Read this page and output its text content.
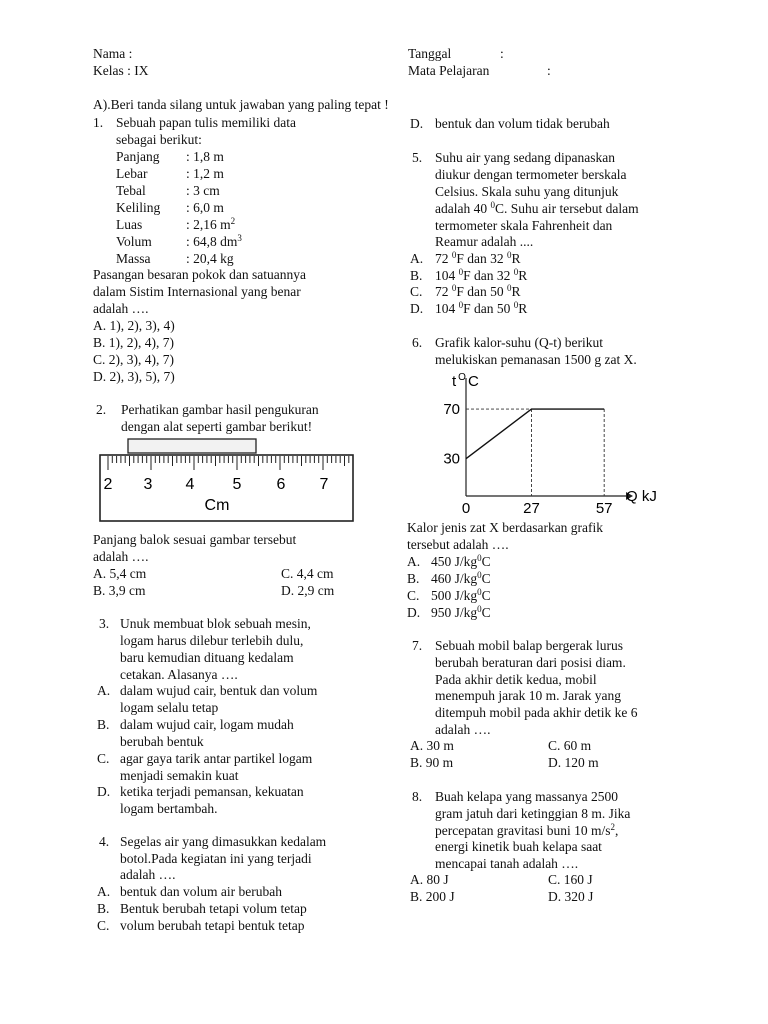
Nama :
Kelas : IX
Tanggal	:
Mata Pelajaran	:
A).Beri tanda silang untuk jawaban yang paling tepat !
1. Sebuah papan tulis memiliki data
sebagai berikut:
Panjang : 1,8 m
Lebar	: 1,2 m
Tebal	: 3 cm
Keliling : 6,0 m
Luas	: 2,16 $m^2$
Volum	: 64,8 $dm^3$
Massa	: 20,4 kg
Pasangan besaran pokok dan satuannya
dalam Sistim Internasional yang benar
adalah ….
A. 1), 2), 3), 4)
B. 1), 2), 4), 7)
C. 2), 3), 4), 7)
D. 2), 3), 5), 7)
2. Perhatikan gambar hasil pengukuran
dengan alat seperti gambar berikut!
2 3 4 5 6 7
Cm
Panjang balok sesuai gambar tersebut
adalah ….
A. 5,4 cm	C. 4,4 cm
B. 3,9 cm	D. 2,9 cm
3. Unuk membuat blok sebuah mesin,
logam harus dilebur terlebih dulu,
baru kemudian dituang kedalam
cetakan. Alasanya ….
A. dalam wujud cair, bentuk dan volum
logam selalu tetap
B. dalam wujud cair, logam mudah
berubah bentuk
C. agar gaya tarik antar partikel logam
menjadi semakin kuat
D. ketika terjadi pemansan, kekuatan
logam bertambah.
4. Segelas air yang dimasukkan kedalam
botol.Pada kegiatan ini yang terjadi
adalah ….
A. bentuk dan volum air berubah
B. Bentuk berubah tetapi volum tetap
C. volum berubah tetapi bentuk tetap
D. bentuk dan volum tidak berubah
5. Suhu air yang sedang dipanaskan
diukur dengan termometer berskala
Celsius. Skala suhu yang ditunjuk
adalah 40 $^0$C. Suhu air tersebut dalam
termometer skala Fahrenheit dan
Reamur adalah ....
A. 72 $^0$F dan 32 $^0$R
B. 104 $^0$F dan 32 $^0$R
C. 72 $^0$F dan 50 $^0$R
D. 104 $^0$F dan 50 $^0$R
6. Grafik kalor-suhu (Q-t) berikut
melukiskan pemanasan 1500 g zat X.
0	27	57
30
70
t $^O$ C
Q kJ
Kalor jenis zat X berdasarkan grafik
tersebut adalah ….
A. 450 $J/kg^0C$
B. 460 $J/kg^0C$
C. 500 $J/kg^0C$
D. 950 $J/kg^0C$
7. Sebuah mobil balap bergerak lurus
berubah beraturan dari posisi diam.
Pada akhir detik kedua, mobil
menempuh jarak 10 m. Jarak yang
ditempuh mobil pada akhir detik ke 6
adalah ….
A. 30 m	C. 60 m
B. 90 m	D. 120 m
8. Buah kelapa yang massanya 2500
gram jatuh dari ketinggian 8 m. Jika
percepatan gravitasi buni 10 $m/s^2$,
energi kinetik buah kelapa saat
mencapai tanah adalah ….
A. 80 J	C. 160 J
B. 200 J	D. 320 J
